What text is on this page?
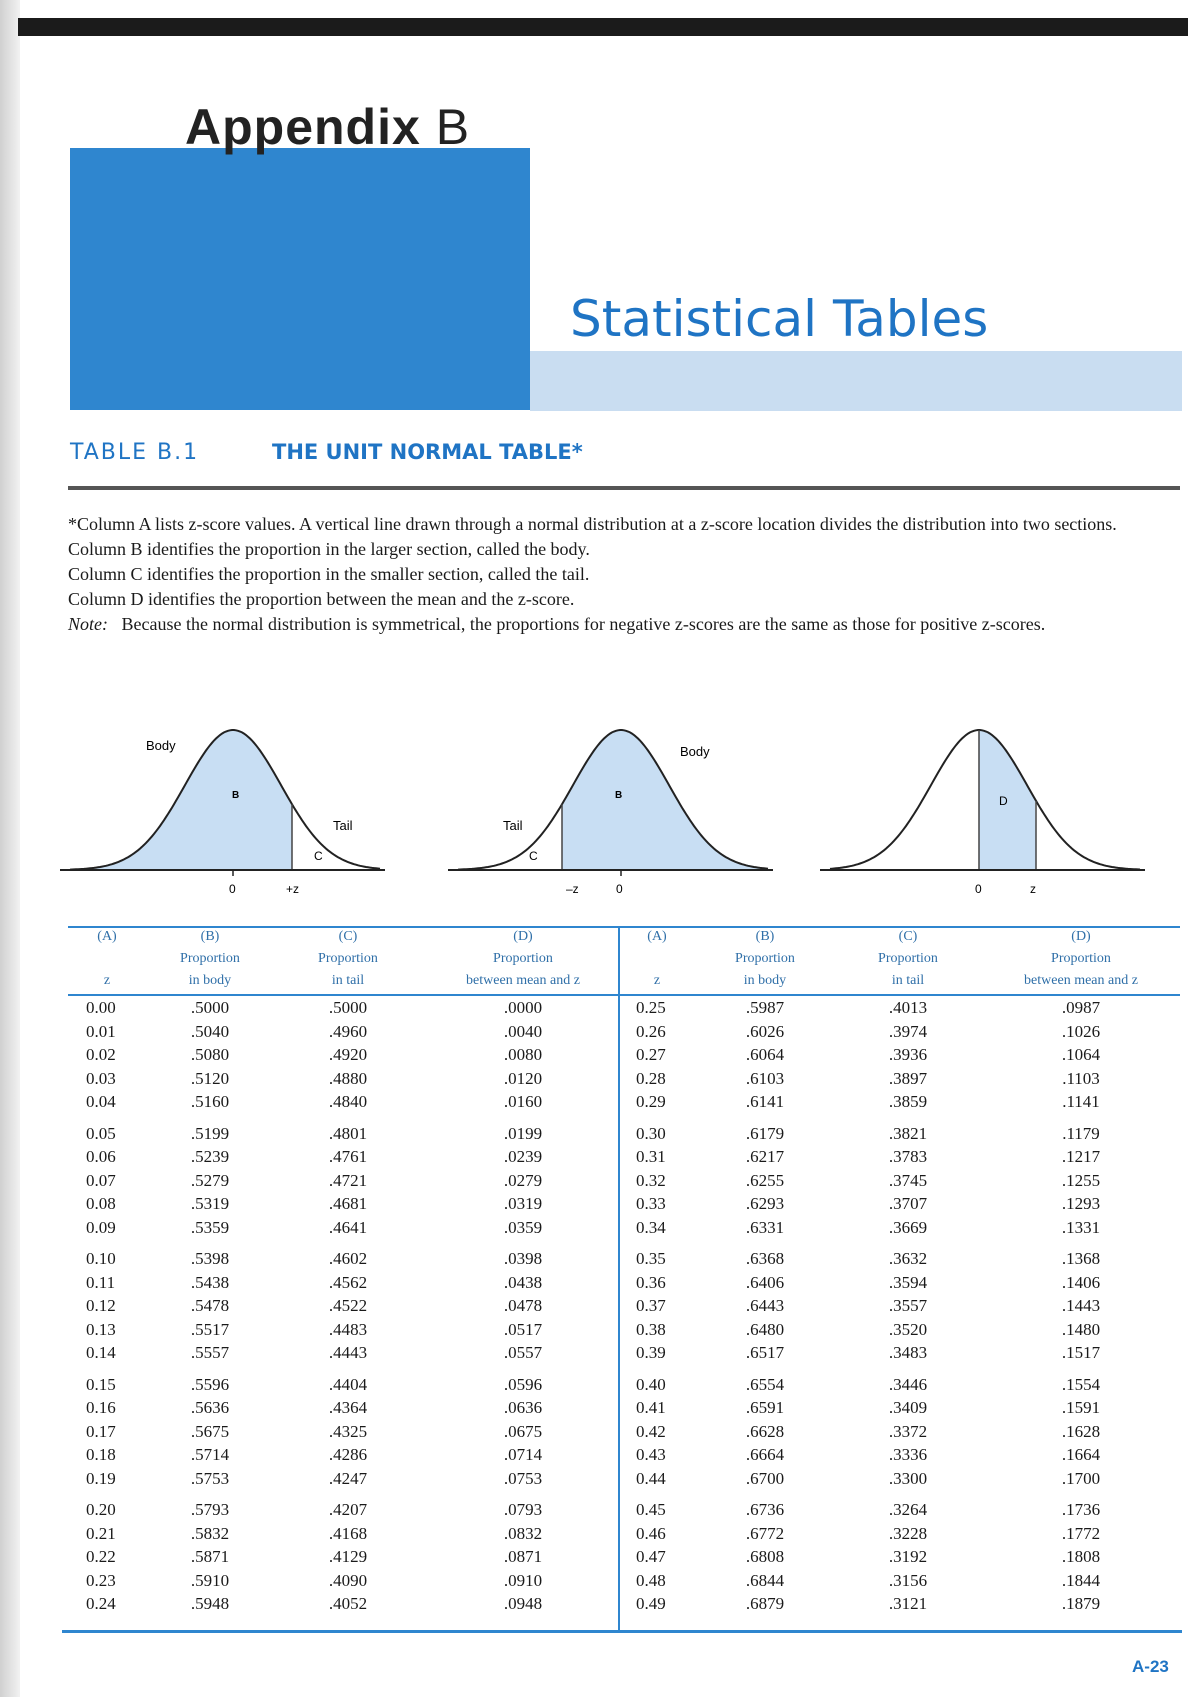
Appendix B
Statistical Tables
TABLE B.1	THE UNIT NORMAL TABLE*

*Column A lists z-score values. A vertical line drawn through a normal distribution at a z-score location divides the distribution into two sections.

Column B identifies the proportion in the larger section, called the body.

Column C identifies the proportion in the smaller section, called the tail.

Column D identifies the proportion between the mean and the z-score.

Note: Because the normal distribution is symmetrical, the proportions for negative z-scores are the same as those for positive z-scores.

Body
B
Tail
C
0	+z
Tail
C
B
Body
–z	0
D
0	z
(A)

z	(B)
Proportion
in body	(C)
Proportion
in tail	(D)
Proportion
between mean and z
0.00	.5000	.5000	.0000
0.01	.5040	.4960	.0040
0.02	.5080	.4920	.0080
0.03	.5120	.4880	.0120
0.04	.5160	.4840	.0160
0.05	.5199	.4801	.0199
0.06	.5239	.4761	.0239
0.07	.5279	.4721	.0279
0.08	.5319	.4681	.0319
0.09	.5359	.4641	.0359
0.10	.5398	.4602	.0398
0.11	.5438	.4562	.0438
0.12	.5478	.4522	.0478
0.13	.5517	.4483	.0517
0.14	.5557	.4443	.0557
0.15	.5596	.4404	.0596
0.16	.5636	.4364	.0636
0.17	.5675	.4325	.0675
0.18	.5714	.4286	.0714
0.19	.5753	.4247	.0753
0.20	.5793	.4207	.0793
0.21	.5832	.4168	.0832
0.22	.5871	.4129	.0871
0.23	.5910	.4090	.0910
0.24	.5948	.4052	.0948
(A)

z	(B)
Proportion
in body	(C)
Proportion
in tail	(D)
Proportion
between mean and z
0.25	.5987	.4013	.0987
0.26	.6026	.3974	.1026
0.27	.6064	.3936	.1064
0.28	.6103	.3897	.1103
0.29	.6141	.3859	.1141
0.30	.6179	.3821	.1179
0.31	.6217	.3783	.1217
0.32	.6255	.3745	.1255
0.33	.6293	.3707	.1293
0.34	.6331	.3669	.1331
0.35	.6368	.3632	.1368
0.36	.6406	.3594	.1406
0.37	.6443	.3557	.1443
0.38	.6480	.3520	.1480
0.39	.6517	.3483	.1517
0.40	.6554	.3446	.1554
0.41	.6591	.3409	.1591
0.42	.6628	.3372	.1628
0.43	.6664	.3336	.1664
0.44	.6700	.3300	.1700
0.45	.6736	.3264	.1736
0.46	.6772	.3228	.1772
0.47	.6808	.3192	.1808
0.48	.6844	.3156	.1844
0.49	.6879	.3121	.1879
A-23
